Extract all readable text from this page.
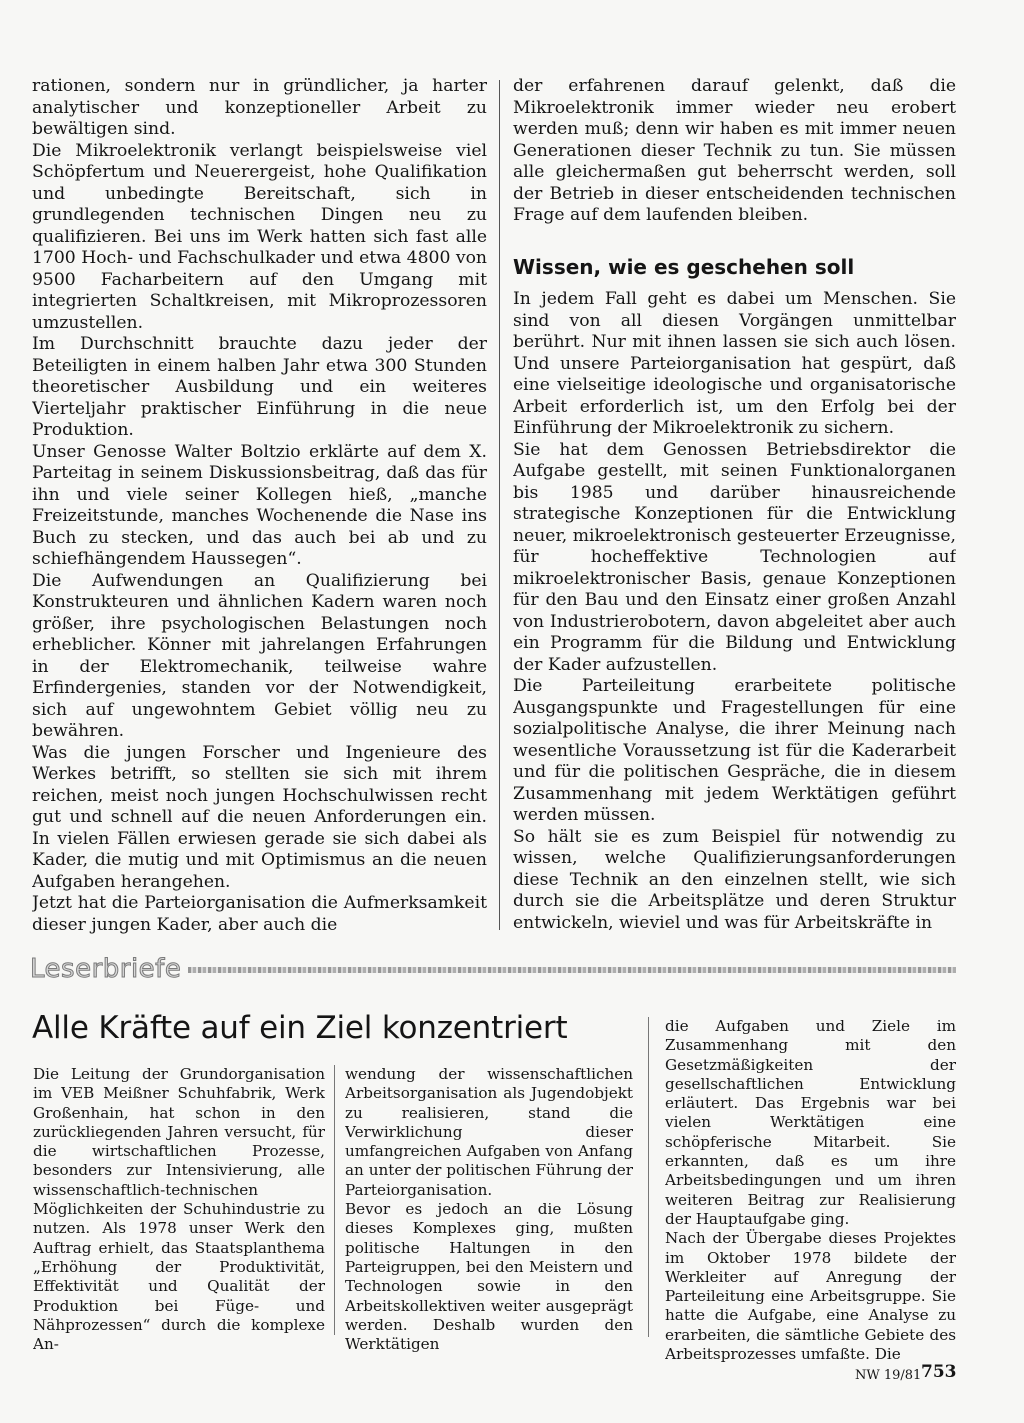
rationen, sondern nur in gründlicher, ja harter analytischer und konzeptioneller Arbeit zu bewältigen sind.

Die Mikroelektronik verlangt beispielsweise viel Schöpfertum und Neuerergeist, hohe Qualifikation und unbedingte Bereitschaft, sich in grundlegenden technischen Dingen neu zu qualifizieren. Bei uns im Werk hatten sich fast alle 1700 Hoch- und Fachschulkader und etwa 4800 von 9500 Facharbeitern auf den Umgang mit integrierten Schaltkreisen, mit Mikroprozessoren umzustellen.

Im Durchschnitt brauchte dazu jeder der Beteiligten in einem halben Jahr etwa 300 Stunden theoretischer Ausbildung und ein weiteres Vierteljahr praktischer Einführung in die neue Produktion.

Unser Genosse Walter Boltzio erklärte auf dem X. Parteitag in seinem Diskussionsbeitrag, daß das für ihn und viele seiner Kollegen hieß, „manche Freizeitstunde, manches Wochenende die Nase ins Buch zu stecken, und das auch bei ab und zu schiefhängendem Haussegen“.

Die Aufwendungen an Qualifizierung bei Konstrukteuren und ähnlichen Kadern waren noch größer, ihre psychologischen Belastungen noch erheblicher. Könner mit jahrelangen Erfahrungen in der Elektromechanik, teilweise wahre Erfindergenies, standen vor der Notwendigkeit, sich auf ungewohntem Gebiet völlig neu zu bewähren.

Was die jungen Forscher und Ingenieure des Werkes betrifft, so stellten sie sich mit ihrem reichen, meist noch jungen Hochschulwissen recht gut und schnell auf die neuen Anforderungen ein. In vielen Fällen erwiesen gerade sie sich dabei als Kader, die mutig und mit Optimismus an die neuen Aufgaben herangehen.

Jetzt hat die Parteiorganisation die Aufmerksamkeit dieser jungen Kader, aber auch die

der erfahrenen darauf gelenkt, daß die Mikroelektronik immer wieder neu erobert werden muß; denn wir haben es mit immer neuen Generationen dieser Technik zu tun. Sie müssen alle gleichermaßen gut beherrscht werden, soll der Betrieb in dieser entscheidenden technischen Frage auf dem laufenden bleiben.

Wissen, wie es geschehen soll

In jedem Fall geht es dabei um Menschen. Sie sind von all diesen Vorgängen unmittelbar berührt. Nur mit ihnen lassen sie sich auch lösen. Und unsere Parteiorganisation hat gespürt, daß eine vielseitige ideologische und organisatorische Arbeit erforderlich ist, um den Erfolg bei der Einführung der Mikroelektronik zu sichern.

Sie hat dem Genossen Betriebsdirektor die Aufgabe gestellt, mit seinen Funktionalorganen bis 1985 und darüber hinausreichende strategische Konzeptionen für die Entwicklung neuer, mikroelektronisch gesteuerter Erzeugnisse, für hocheffektive Technologien auf mikroelektronischer Basis, genaue Konzeptionen für den Bau und den Einsatz einer großen Anzahl von Industrierobotern, davon abgeleitet aber auch ein Programm für die Bildung und Entwicklung der Kader aufzustellen.

Die Parteileitung erarbeitete politische Ausgangspunkte und Fragestellungen für eine sozialpolitische Analyse, die ihrer Meinung nach wesentliche Voraussetzung ist für die Kaderarbeit und für die politischen Gespräche, die in diesem Zusammenhang mit jedem Werktätigen geführt werden müssen.

So hält sie es zum Beispiel für notwendig zu wissen, welche Qualifizierungsanforderungen diese Technik an den einzelnen stellt, wie sich durch sie die Arbeitsplätze und deren Struktur entwickeln, wieviel und was für Arbeitskräfte in

Leserbriefe
Alle Kräfte auf ein Ziel konzentriert

Die Leitung der Grundorganisation im VEB Meißner Schuhfabrik, Werk Großenhain, hat schon in den zurückliegenden Jahren versucht, für die wirtschaftlichen Prozesse, besonders zur Intensivierung, alle wissenschaftlich-technischen Möglichkeiten der Schuhindustrie zu nutzen. Als 1978 unser Werk den Auftrag erhielt, das Staatsplanthema „Erhöhung der Produktivität, Effektivität und Qualität der Produktion bei Füge- und Nähprozessen“ durch die komplexe An-

wendung der wissenschaftlichen Arbeitsorganisation als Jugendobjekt zu realisieren, stand die Verwirklichung dieser umfangreichen Aufgaben von Anfang an unter der politischen Führung der Parteiorganisation.

Bevor es jedoch an die Lösung dieses Komplexes ging, mußten politische Haltungen in den Parteigruppen, bei den Meistern und Technologen sowie in den Arbeitskollektiven weiter ausgeprägt werden. Deshalb wurden den Werktätigen

die Aufgaben und Ziele im Zusammenhang mit den Gesetzmäßigkeiten der gesellschaftlichen Entwicklung erläutert. Das Ergebnis war bei vielen Werktätigen eine schöpferische Mitarbeit. Sie erkannten, daß es um ihre Arbeitsbedingungen und um ihren weiteren Beitrag zur Realisierung der Hauptaufgabe ging.

Nach der Übergabe dieses Projektes im Oktober 1978 bildete der Werkleiter auf Anregung der Parteileitung eine Arbeitsgruppe. Sie hatte die Aufgabe, eine Analyse zu erarbeiten, die sämtliche Gebiete des Arbeitsprozesses umfaßte. Die

NW 19/81 753
